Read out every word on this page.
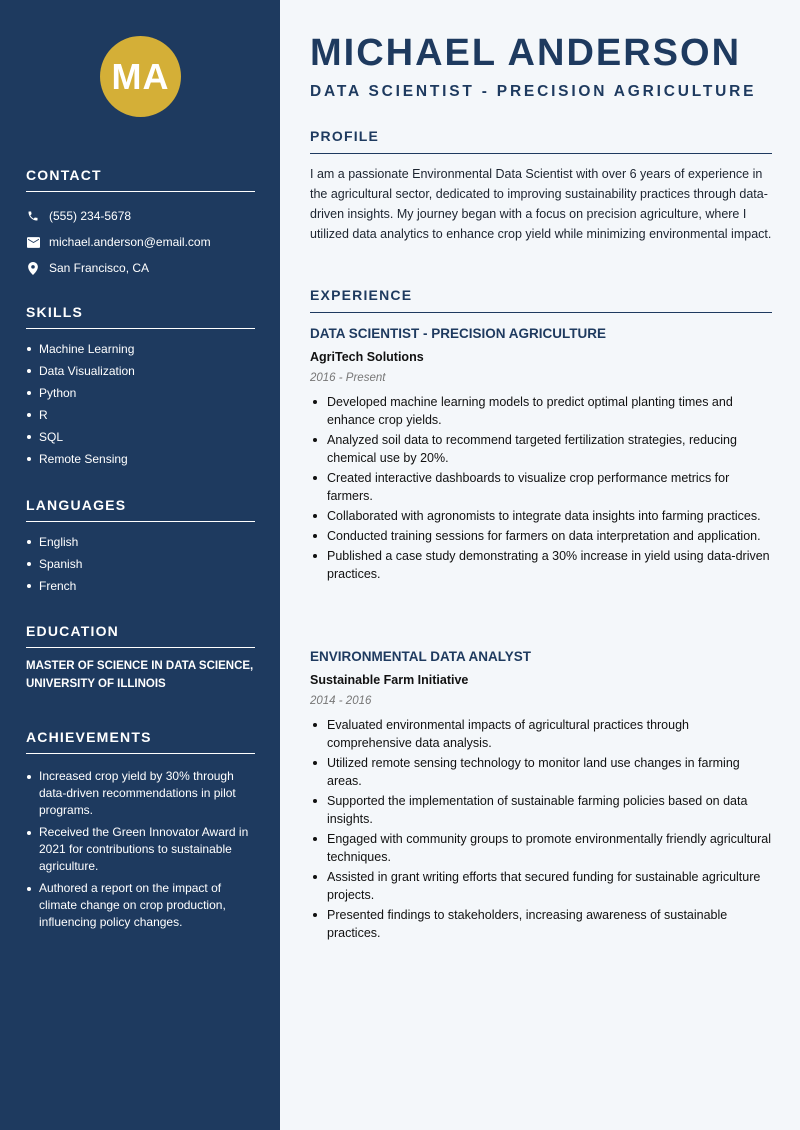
MA
CONTACT
(555) 234-5678
michael.anderson@email.com
San Francisco, CA
SKILLS
Machine Learning
Data Visualization
Python
R
SQL
Remote Sensing
LANGUAGES
English
Spanish
French
EDUCATION

MASTER OF SCIENCE IN DATA SCIENCE, UNIVERSITY OF ILLINOIS

ACHIEVEMENTS
Increased crop yield by 30% through data-driven recommendations in pilot programs.
Received the Green Innovator Award in 2021 for contributions to sustainable agriculture.
Authored a report on the impact of climate change on crop production, influencing policy changes.
MICHAEL ANDERSON
DATA SCIENTIST - PRECISION AGRICULTURE
PROFILE

I am a passionate Environmental Data Scientist with over 6 years of experience in the agricultural sector, dedicated to improving sustainability practices through data-driven insights. My journey began with a focus on precision agriculture, where I utilized data analytics to enhance crop yield while minimizing environmental impact.

EXPERIENCE
DATA SCIENTIST - PRECISION AGRICULTURE
AgriTech Solutions
2016 - Present
Developed machine learning models to predict optimal planting times and enhance crop yields.
Analyzed soil data to recommend targeted fertilization strategies, reducing chemical use by 20%.
Created interactive dashboards to visualize crop performance metrics for farmers.
Collaborated with agronomists to integrate data insights into farming practices.
Conducted training sessions for farmers on data interpretation and application.
Published a case study demonstrating a 30% increase in yield using data-driven practices.
ENVIRONMENTAL DATA ANALYST
Sustainable Farm Initiative
2014 - 2016
Evaluated environmental impacts of agricultural practices through comprehensive data analysis.
Utilized remote sensing technology to monitor land use changes in farming areas.
Supported the implementation of sustainable farming policies based on data insights.
Engaged with community groups to promote environmentally friendly agricultural techniques.
Assisted in grant writing efforts that secured funding for sustainable agriculture projects.
Presented findings to stakeholders, increasing awareness of sustainable practices.
